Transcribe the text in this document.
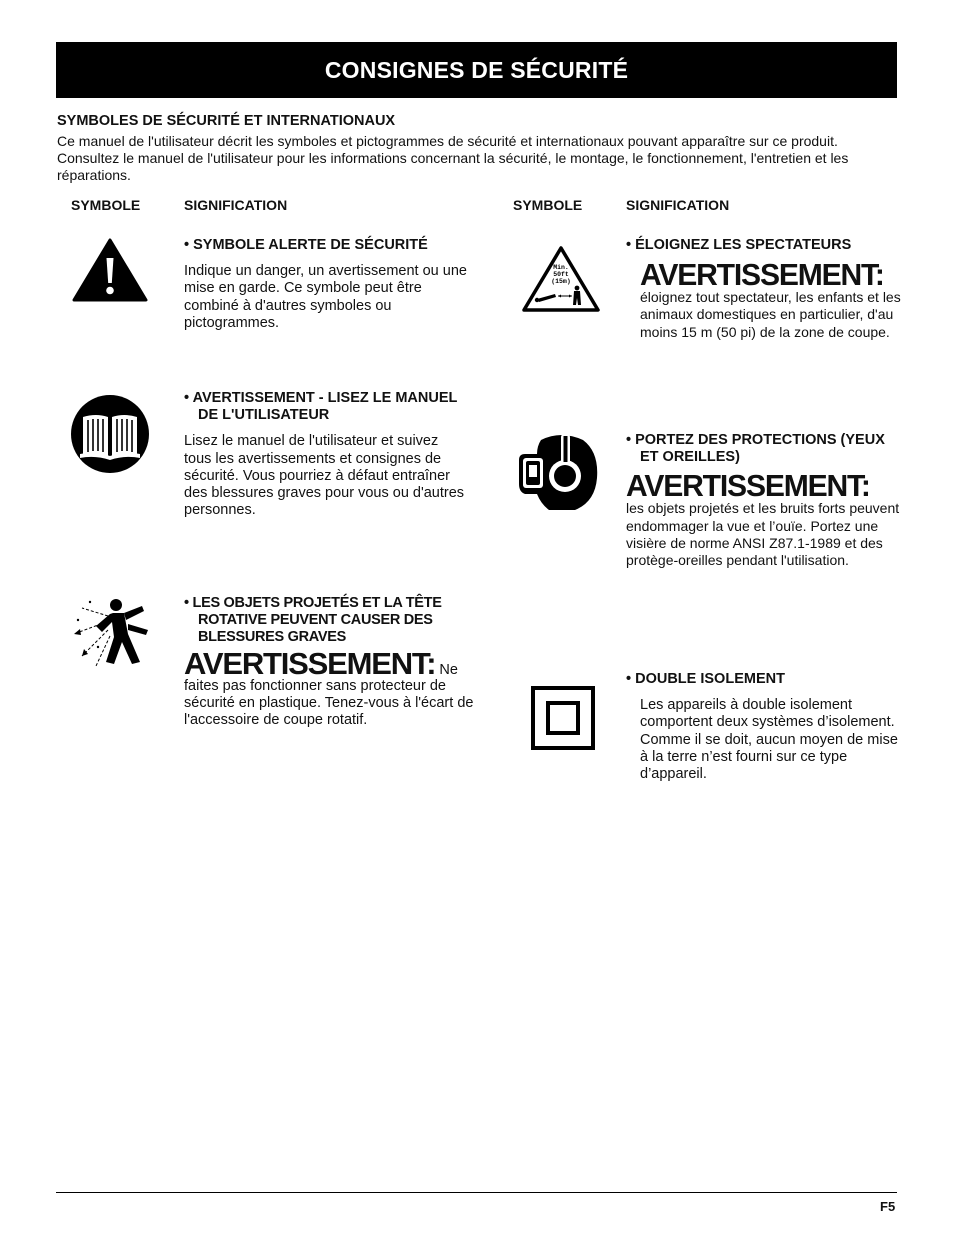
CONSIGNES DE SÉCURITÉ
SYMBOLES DE SÉCURITÉ ET INTERNATIONAUX
Ce manuel de l'utilisateur décrit les symboles et pictogrammes de sécurité et internationaux pouvant apparaître sur ce produit. Consultez le manuel de l'utilisateur pour les informations concernant la sécurité, le montage, le fonctionnement, l'entretien et les réparations.
SYMBOLE	SIGNIFICATION	SYMBOLE	SIGNIFICATION
• SYMBOLE ALERTE DE SÉCURITÉ
Indique un danger, un avertissement ou une mise en garde. Ce symbole peut être combiné à d'autres symboles ou pictogrammes.
• AVERTISSEMENT - LISEZ LE MANUEL DE L'UTILISATEUR
Lisez le manuel de l'utilisateur et suivez tous les avertissements et consignes de sécurité. Vous pourriez à défaut entraîner des blessures graves pour vous ou d'autres personnes.
• LES OBJETS PROJETÉS ET LA TÊTE ROTATIVE PEUVENT CAUSER DES BLESSURES GRAVES
AVERTISSEMENT: Ne
faites pas fonctionner sans protecteur de sécurité en plastique. Tenez-vous à l'écart de l'accessoire de coupe rotatif.
Min.
50ft
(15m)
• ÉLOIGNEZ LES SPECTATEURS
AVERTISSEMENT:
éloignez tout spectateur, les enfants et les animaux domestiques en particulier, d'au moins 15 m (50 pi) de la zone de coupe.
• PORTEZ DES PROTECTIONS (YEUX ET OREILLES)
AVERTISSEMENT:
les objets projetés et les bruits forts peuvent endommager la vue et l’ouïe. Portez une visière de norme ANSI Z87.1-1989 et des protège-oreilles pendant l'utilisation.
• DOUBLE ISOLEMENT
Les appareils à double isolement comportent deux systèmes d’isolement. Comme il se doit, aucun moyen de mise à la terre n’est fourni sur ce type d’appareil.
F5
